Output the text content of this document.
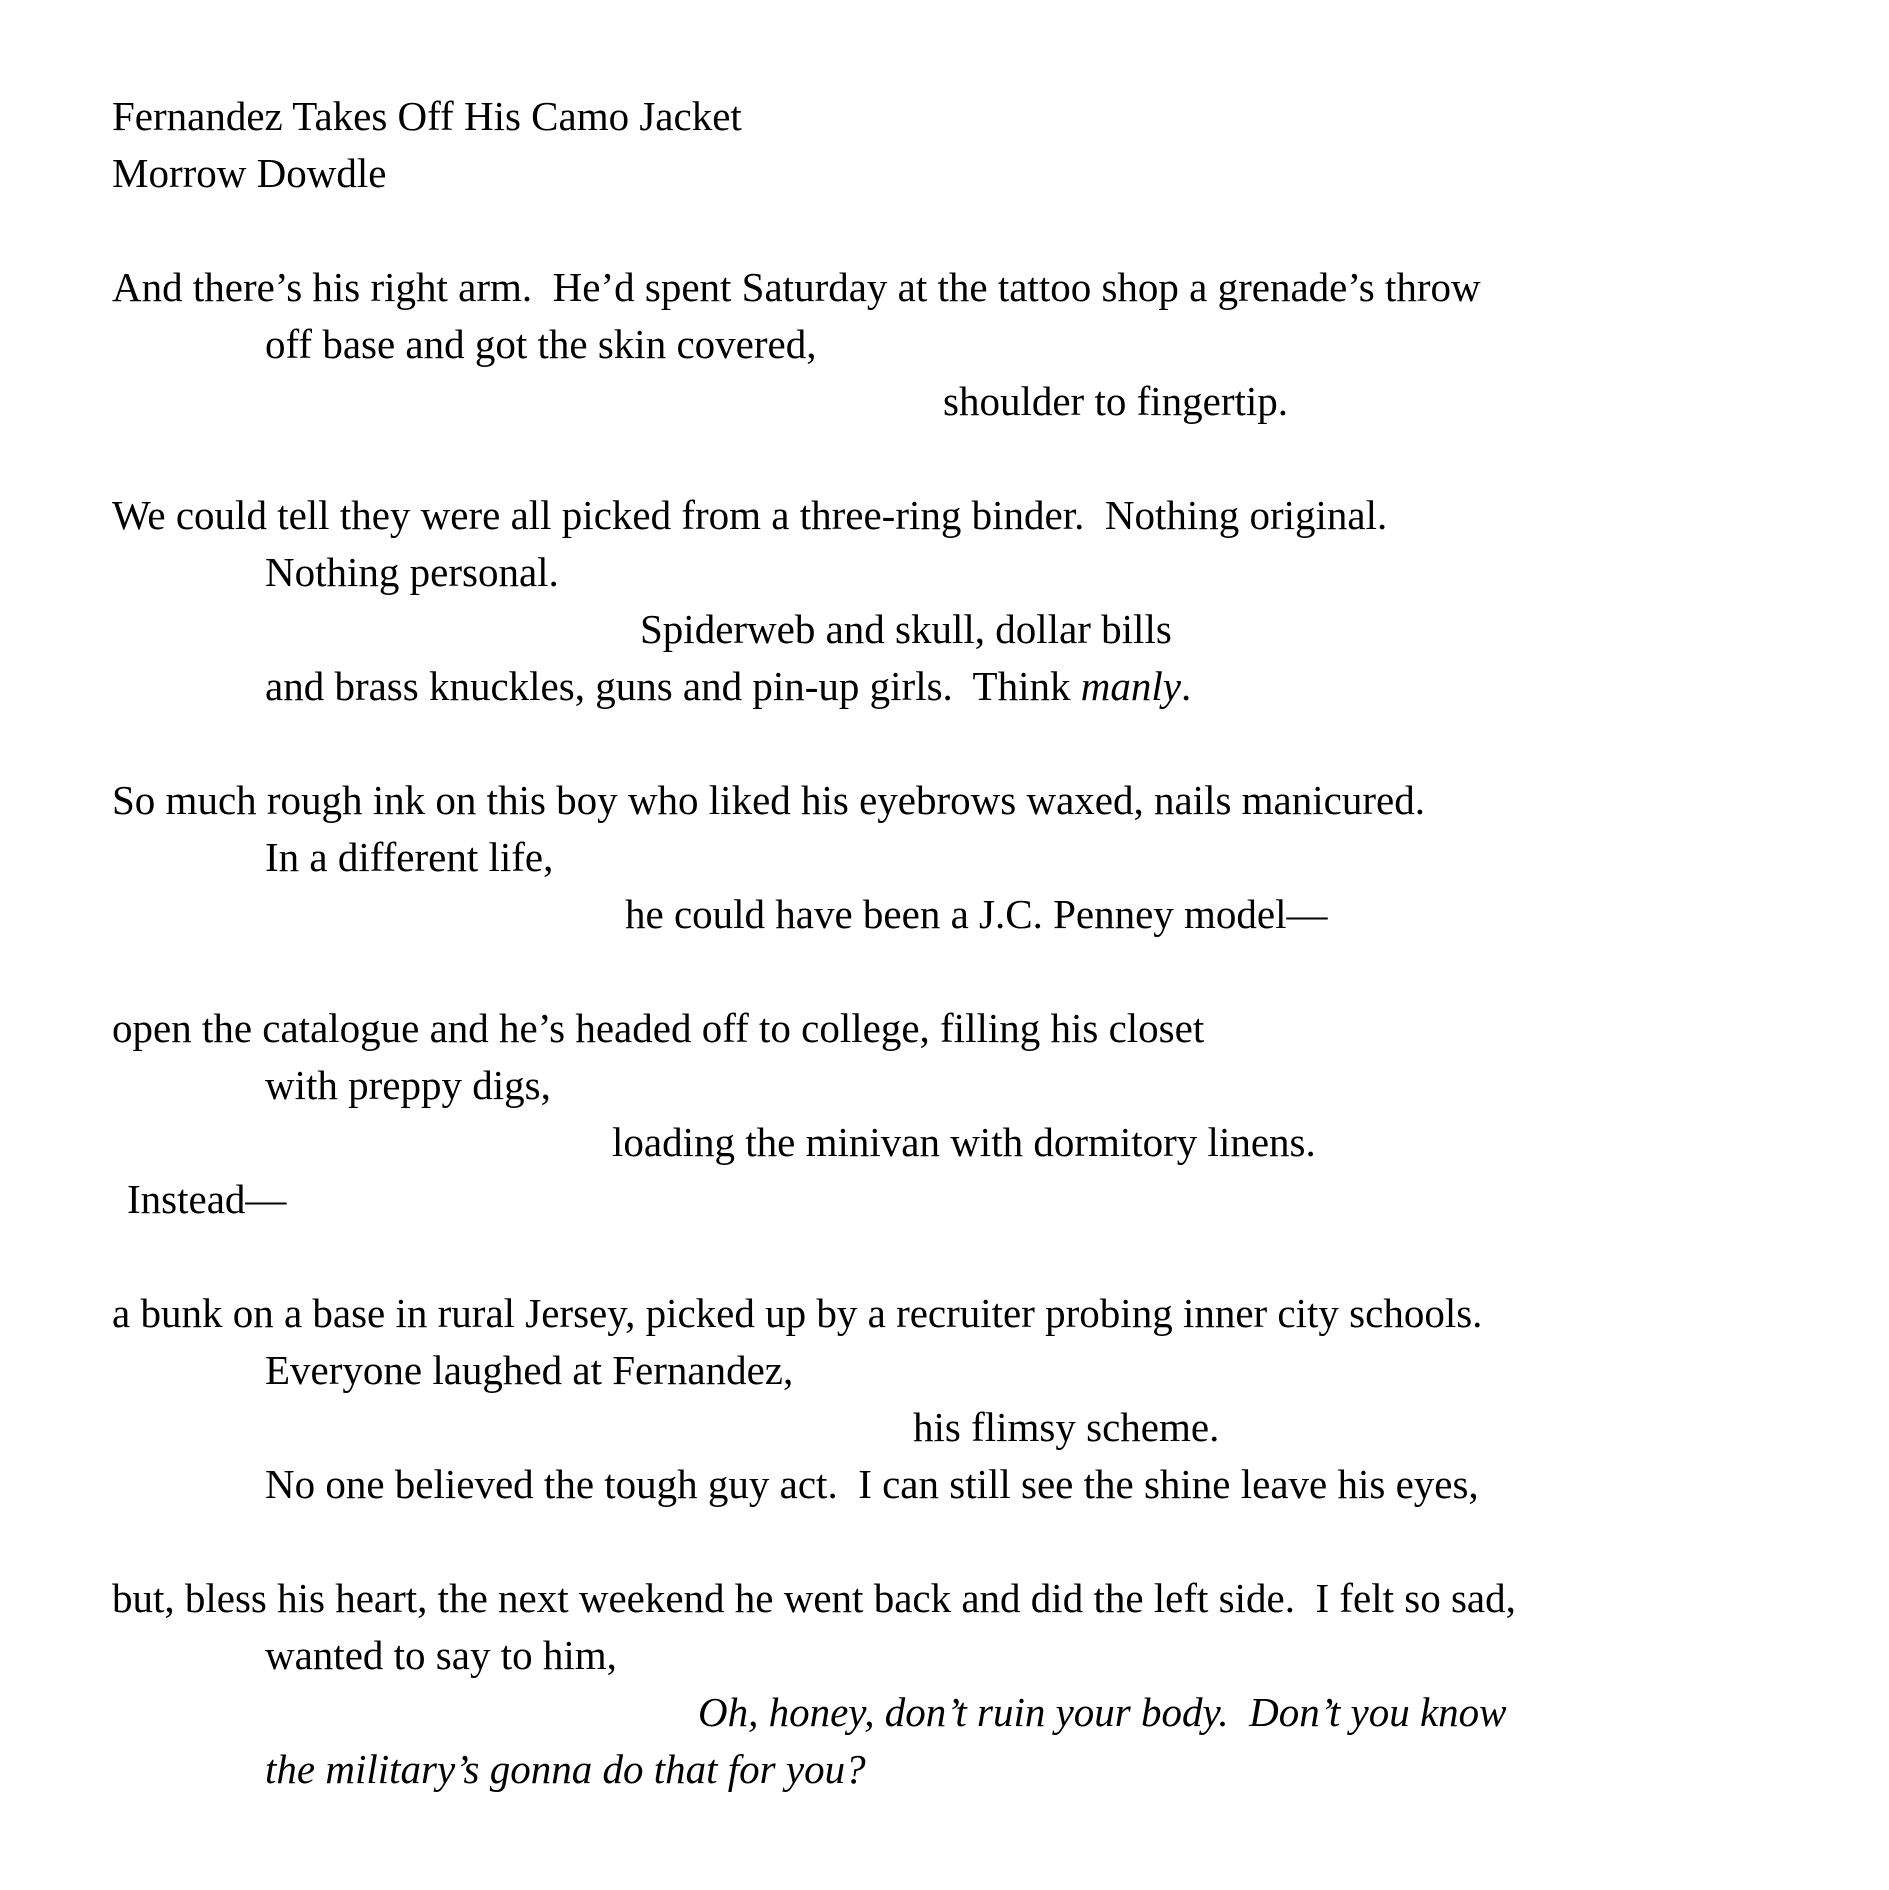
Fernandez Takes Off His Camo Jacket
Morrow Dowdle
And there’s his right arm.  He’d spent Saturday at the tattoo shop a grenade’s throw
off base and got the skin covered,
shoulder to fingertip.
We could tell they were all picked from a three-ring binder.  Nothing original.
Nothing personal.
Spiderweb and skull, dollar bills
and brass knuckles, guns and pin-up girls.  Think manly.
So much rough ink on this boy who liked his eyebrows waxed, nails manicured.
In a different life,
he could have been a J.C. Penney model—
open the catalogue and he’s headed off to college, filling his closet
with preppy digs,
loading the minivan with dormitory linens.
Instead—
a bunk on a base in rural Jersey, picked up by a recruiter probing inner city schools.
Everyone laughed at Fernandez,
his flimsy scheme.
No one believed the tough guy act.  I can still see the shine leave his eyes,
but, bless his heart, the next weekend he went back and did the left side.  I felt so sad,
wanted to say to him,
Oh, honey, don’t ruin your body.  Don’t you know
the military’s gonna do that for you?
